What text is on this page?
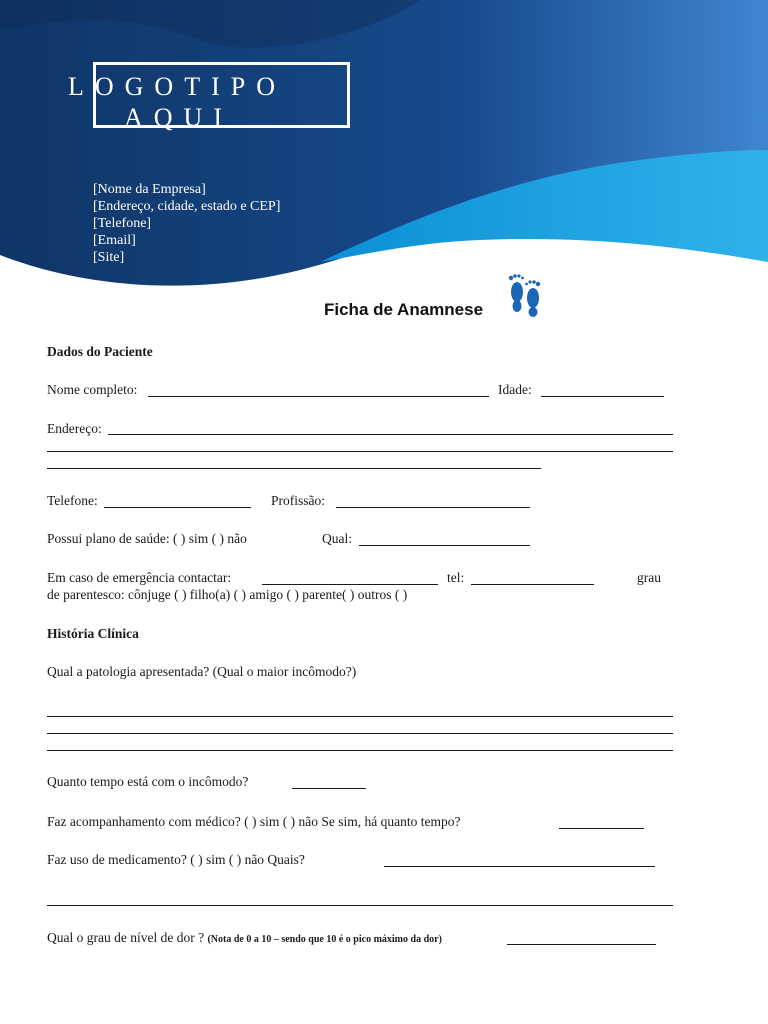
LOGOTIPO
AQUI
[Nome da Empresa]
[Endereço, cidade, estado e CEP]
[Telefone]
[Email]
[Site]
Ficha de Anamnese
Dados do Paciente
Nome completo:	Idade:
Endereço:
Telefone:	Profissão:
Possui plano de saúde: ( ) sim ( ) não	Qual:
Em caso de emergência contactar:	tel:	grau
de parentesco: cônjuge ( ) filho(a) ( ) amigo ( ) parente( ) outros ( )
História Clínica
Qual a patologia apresentada? (Qual o maior incômodo?)
Quanto tempo está com o incômodo?
Faz acompanhamento com médico? ( ) sim ( ) não Se sim, há quanto tempo?
Faz uso de medicamento? ( ) sim ( ) não Quais?
Qual o grau de nível de dor ? (Nota de 0 a 10 – sendo que 10 é o pico máximo da dor)
